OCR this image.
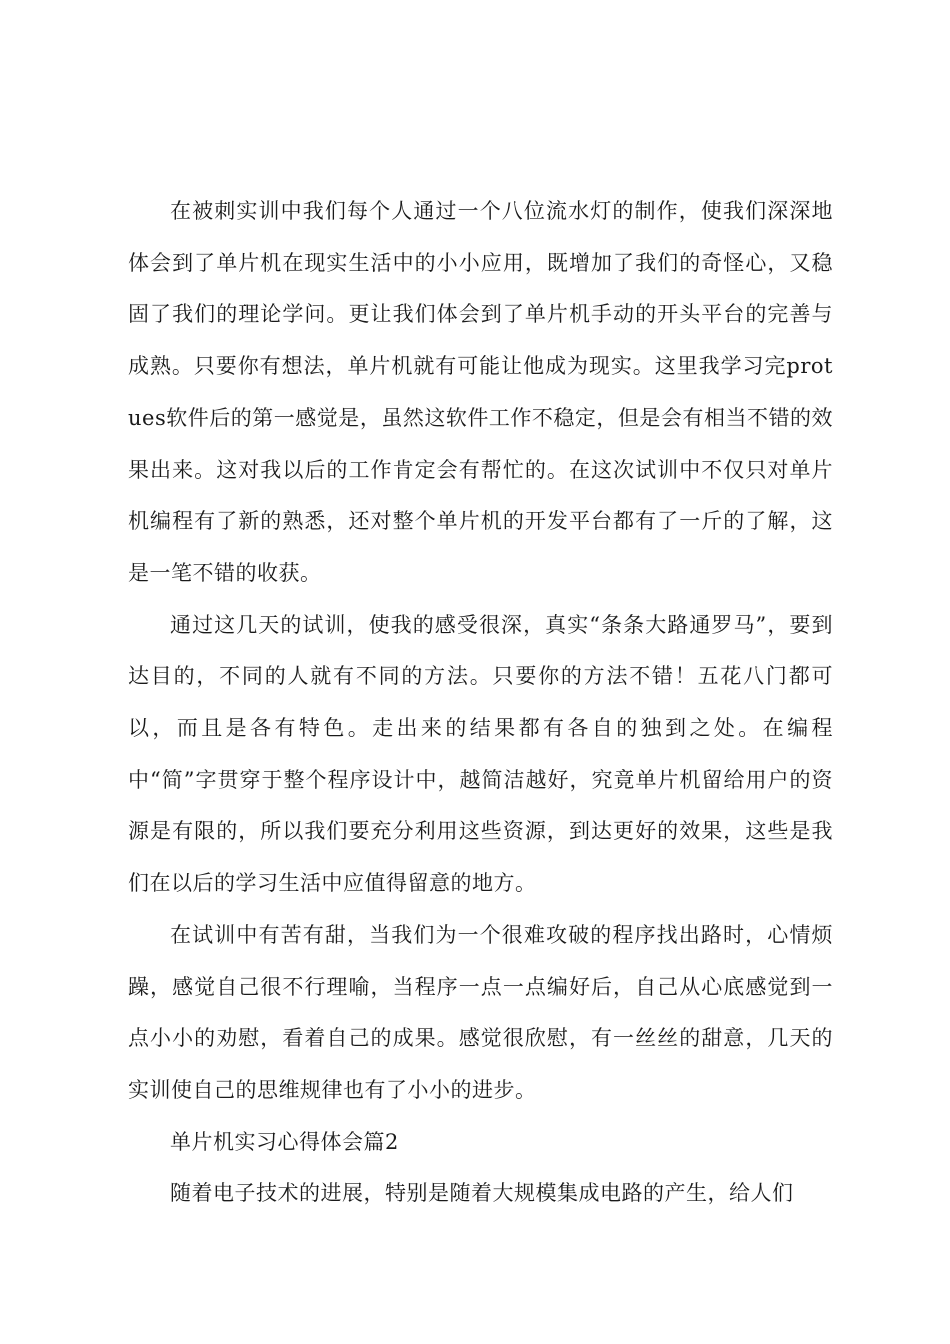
在被刺实训中我们每个人通过一个八位流水灯的制作，使我们深深地体会到了单片机在现实生活中的小小应用，既增加了我们的奇怪心，又稳固了我们的理论学问。更让我们体会到了单片机手动的开头平台的完善与成熟。只要你有想法，单片机就有可能让他成为现实。这里我学习完protues软件后的第一感觉是，虽然这软件工作不稳定，但是会有相当不错的效果出来。这对我以后的工作肯定会有帮忙的。在这次试训中不仅只对单片机编程有了新的熟悉，还对整个单片机的开发平台都有了一斤的了解，这是一笔不错的收获。

通过这几天的试训，使我的感受很深，真实“条条大路通罗马”，要到达目的，不同的人就有不同的方法。只要你的方法不错！五花八门都可以，而且是各有特色。走出来的结果都有各自的独到之处。在编程中“简”字贯穿于整个程序设计中，越简洁越好，究竟单片机留给用户的资源是有限的，所以我们要充分利用这些资源，到达更好的效果，这些是我们在以后的学习生活中应值得留意的地方。

在试训中有苦有甜，当我们为一个很难攻破的程序找出路时，心情烦躁，感觉自己很不行理喻，当程序一点一点编好后，自己从心底感觉到一点小小的劝慰，看着自己的成果。感觉很欣慰，有一丝丝的甜意，几天的实训使自己的思维规律也有了小小的进步。

单片机实习心得体会篇2

随着电子技术的进展，特别是随着大规模集成电路的产生，给人们
